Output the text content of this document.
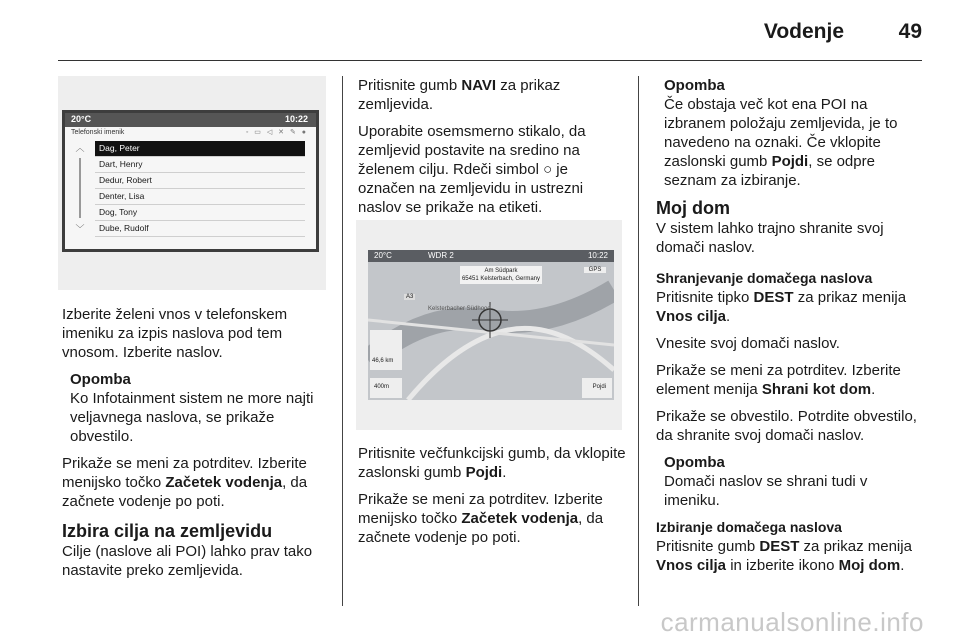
Vodenje	49
20°C	10:22
Telefonski imenik	◦ ▭ ◁ ✕ ✎ ●
︿
﹀
Dag, Peter
Dart, Henry
Dedur, Robert
Denter, Lisa
Dog, Tony
Dube, Rudolf

Izberite želeni vnos v telefonskem imeniku za izpis naslova pod tem vnosom. Izberite naslov.

Opomba
Ko Infotainment sistem ne more najti veljavnega naslova, se prikaže obvestilo.

Prikaže se meni za potrditev. Izberite menijsko točko Začetek vodenja, da začnete vodenje po poti.

Izbira cilja na zemljevidu

Cilje (naslove ali POI) lahko prav tako nastavite preko zemljevida.

Pritisnite gumb NAVI za prikaz zemljevida.

Uporabite osemsmerno stikalo, da zemljevid postavite na sredino na želenem cilju. Rdeči simbol ○ je označen na zemljevidu in ustrezni naslov se prikaže na etiketi.

20°C	WDR 2	10:22
Am Südpark
65451 Kelsterbach, Germany
GPS
A3
Kelsterbacher Südhood
46,6 km
400m	Pojdi

Pritisnite večfunkcijski gumb, da vklopite zaslonski gumb Pojdi.

Prikaže se meni za potrditev. Izberite menijsko točko Začetek vodenja, da začnete vodenje po poti.

Opomba
Če obstaja več kot ena POI na izbranem položaju zemljevida, je to navedeno na oznaki. Če vklopite zaslonski gumb Pojdi, se odpre seznam za izbiranje.
Moj dom

V sistem lahko trajno shranite svoj domači naslov.

Shranjevanje domačega naslova

Pritisnite tipko DEST za prikaz menija Vnos cilja.

Vnesite svoj domači naslov.

Prikaže se meni za potrditev. Izberite element menija Shrani kot dom.

Prikaže se obvestilo. Potrdite obvestilo, da shranite svoj domači naslov.

Opomba
Domači naslov se shrani tudi v imeniku.
Izbiranje domačega naslova

Pritisnite gumb DEST za prikaz menija Vnos cilja in izberite ikono Moj dom.

carmanualsonline.info
